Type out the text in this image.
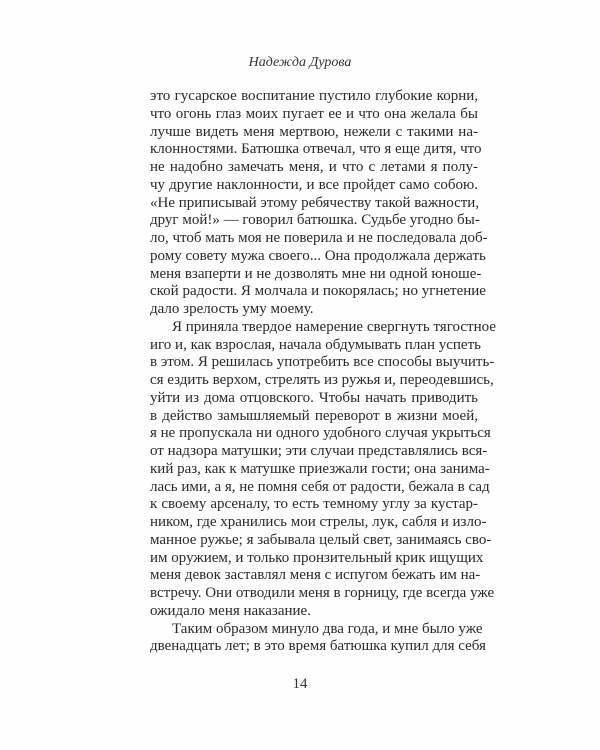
Надежда Дурова
это гусарское воспитание пустило глубокие корни,
что огонь глаз моих пугает ее и что она желала бы
лучше видеть меня мертвою, нежели с такими на-
клонностями. Батюшка отвечал, что я еще дитя, что
не надобно замечать меня, и что с летами я полу-
чу другие наклонности, и все пройдет само собою.
«Не приписывай этому ребячеству такой важности,
друг мой!» — говорил батюшка. Судьбе угодно бы-
ло, чтоб мать моя не поверила и не последовала доб-
рому совету мужа своего... Она продолжала держать
меня взаперти и не дозволять мне ни одной юноше-
ской радости. Я молчала и покорялась; но угнетение
дало зрелость уму моему.
Я приняла твердое намерение свергнуть тягостное
иго и, как взрослая, начала обдумывать план успеть
в этом. Я решилась употребить все способы выучить-
ся ездить верхом, стрелять из ружья и, переодевшись,
уйти из дома отцовского. Чтобы начать приводить
в действо замышляемый переворот в жизни моей,
я не пропускала ни одного удобного случая укрыться
от надзора матушки; эти случаи представлялись вся-
кий раз, как к матушке приезжали гости; она занима-
лась ими, а я, не помня себя от радости, бежала в сад
к своему арсеналу, то есть темному углу за кустар-
ником, где хранились мои стрелы, лук, сабля и изло-
манное ружье; я забывала целый свет, занимаясь сво-
им оружием, и только пронзительный крик ищущих
меня девок заставлял меня с испугом бежать им на-
встречу. Они отводили меня в горницу, где всегда уже
ожидало меня наказание.
Таким образом минуло два года, и мне было уже
двенадцать лет; в это время батюшка купил для себя
14
